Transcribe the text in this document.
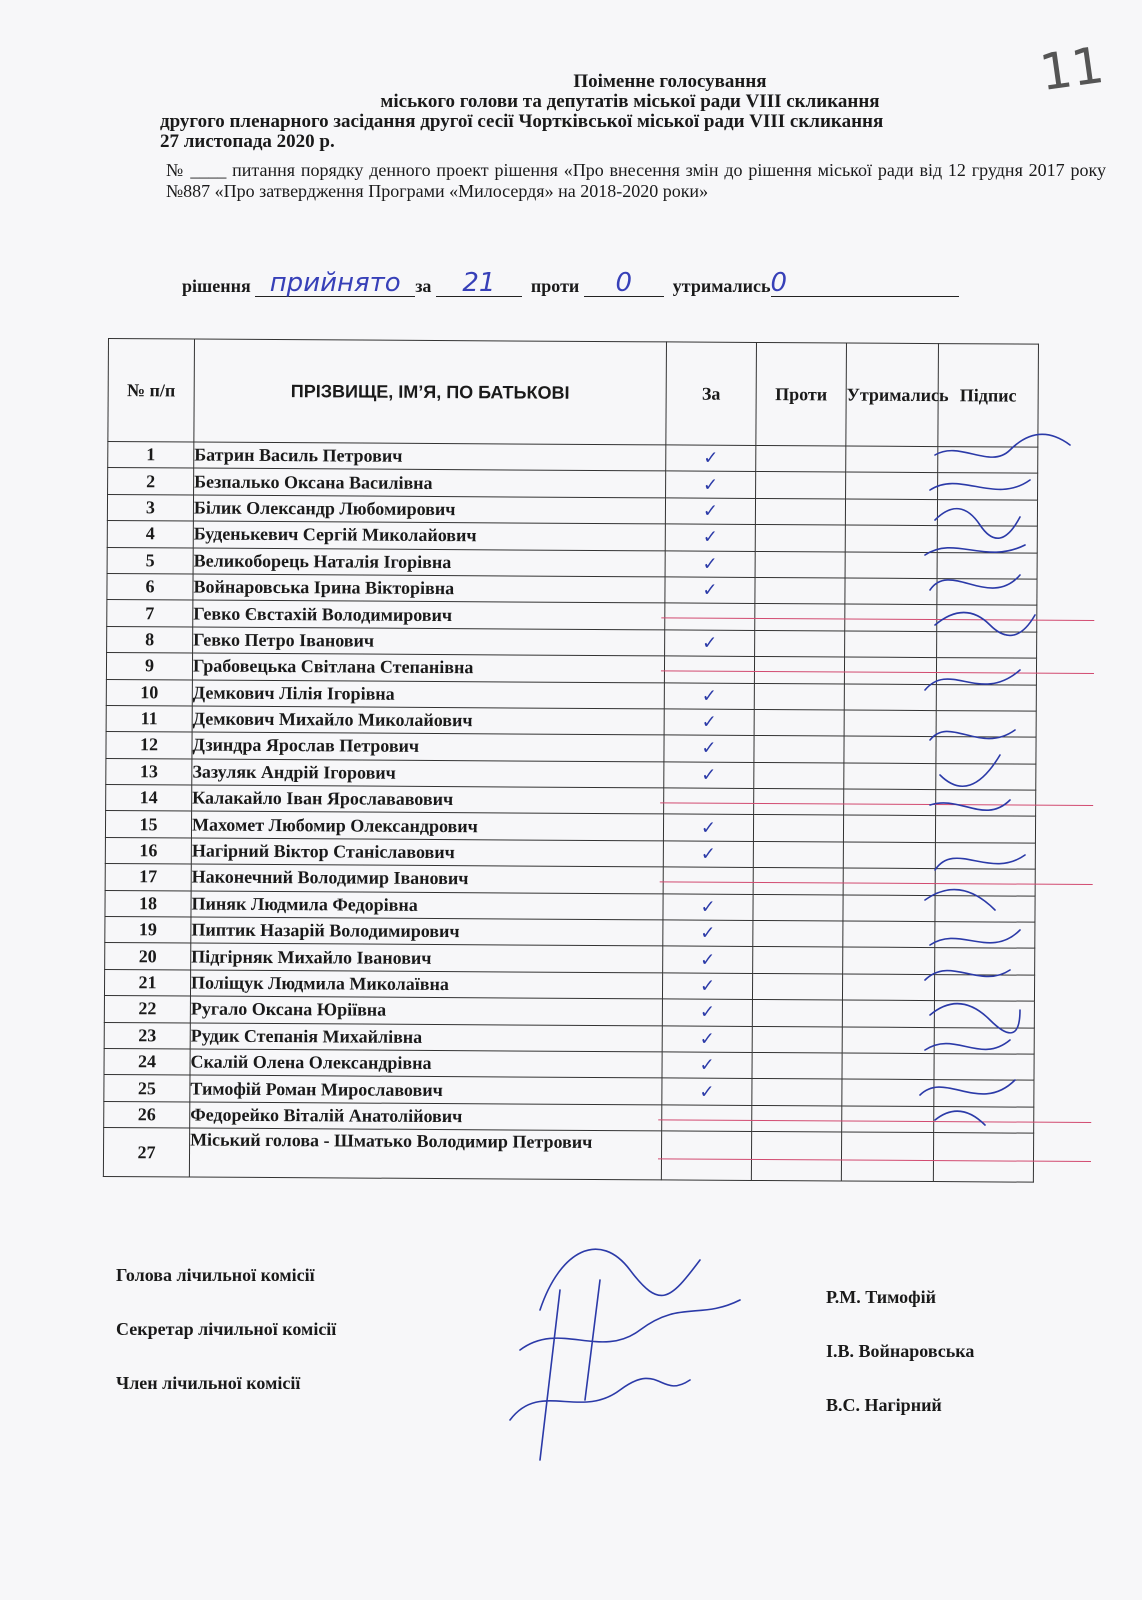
11
Поіменне голосування
міського голови та депутатів міської ради VIII скликання
другого пленарного засідання другої сесії Чортківської міської ради VIII скликання
27 листопада 2020 р.
№ ____ питання порядку денного проект рішення «Про внесення змін до рішення міської ради від 12 грудня 2017 року №887 «Про затвердження Програми «Милосердя» на 2018-2020 роки»
рішення прийнято за 21 проти 0 утримались0
№ п/п	ПРІЗВИЩЕ, ІМ’Я, ПО БАТЬКОВІ	За	Проти	Утримались	Підпис
1	Батрин Василь Петрович	✓			
2	Безпалько Оксана Василівна	✓			
3	Білик Олександр Любомирович	✓			
4	Буденькевич Сергій Миколайович	✓			
5	Великоборець Наталія Ігорівна	✓			
6	Войнаровська Ірина Вікторівна	✓			
7	Гевко Євстахій Володимирович				
8	Гевко Петро Іванович	✓			
9	Грабовецька Світлана Степанівна				
10	Демкович Лілія Ігорівна	✓			
11	Демкович Михайло Миколайович	✓			
12	Дзиндра Ярослав Петрович	✓			
13	Зазуляк Андрій Ігорович	✓			
14	Калакайло Іван Ярослававович				
15	Махомет Любомир Олександрович	✓			
16	Нагірний Віктор Станіславович	✓			
17	Наконечний Володимир Іванович				
18	Пиняк Людмила Федорівна	✓			
19	Пиптик Назарій Володимирович	✓			
20	Підгірняк Михайло Іванович	✓			
21	Поліщук Людмила Миколаївна	✓			
22	Ругало Оксана Юріївна	✓			
23	Рудик Степанія Михайлівна	✓			
24	Скалій Олена Олександрівна	✓			
25	Тимофій Роман Мирославович	✓			
26	Федорейко Віталій Анатолійович				
27	Міський голова - Шматько Володимир Петрович				
Голова лічильної комісії
Р.М. Тимофій
Секретар лічильної комісії
І.В. Войнаровська
Член лічильної комісії
В.С. Нагірний
